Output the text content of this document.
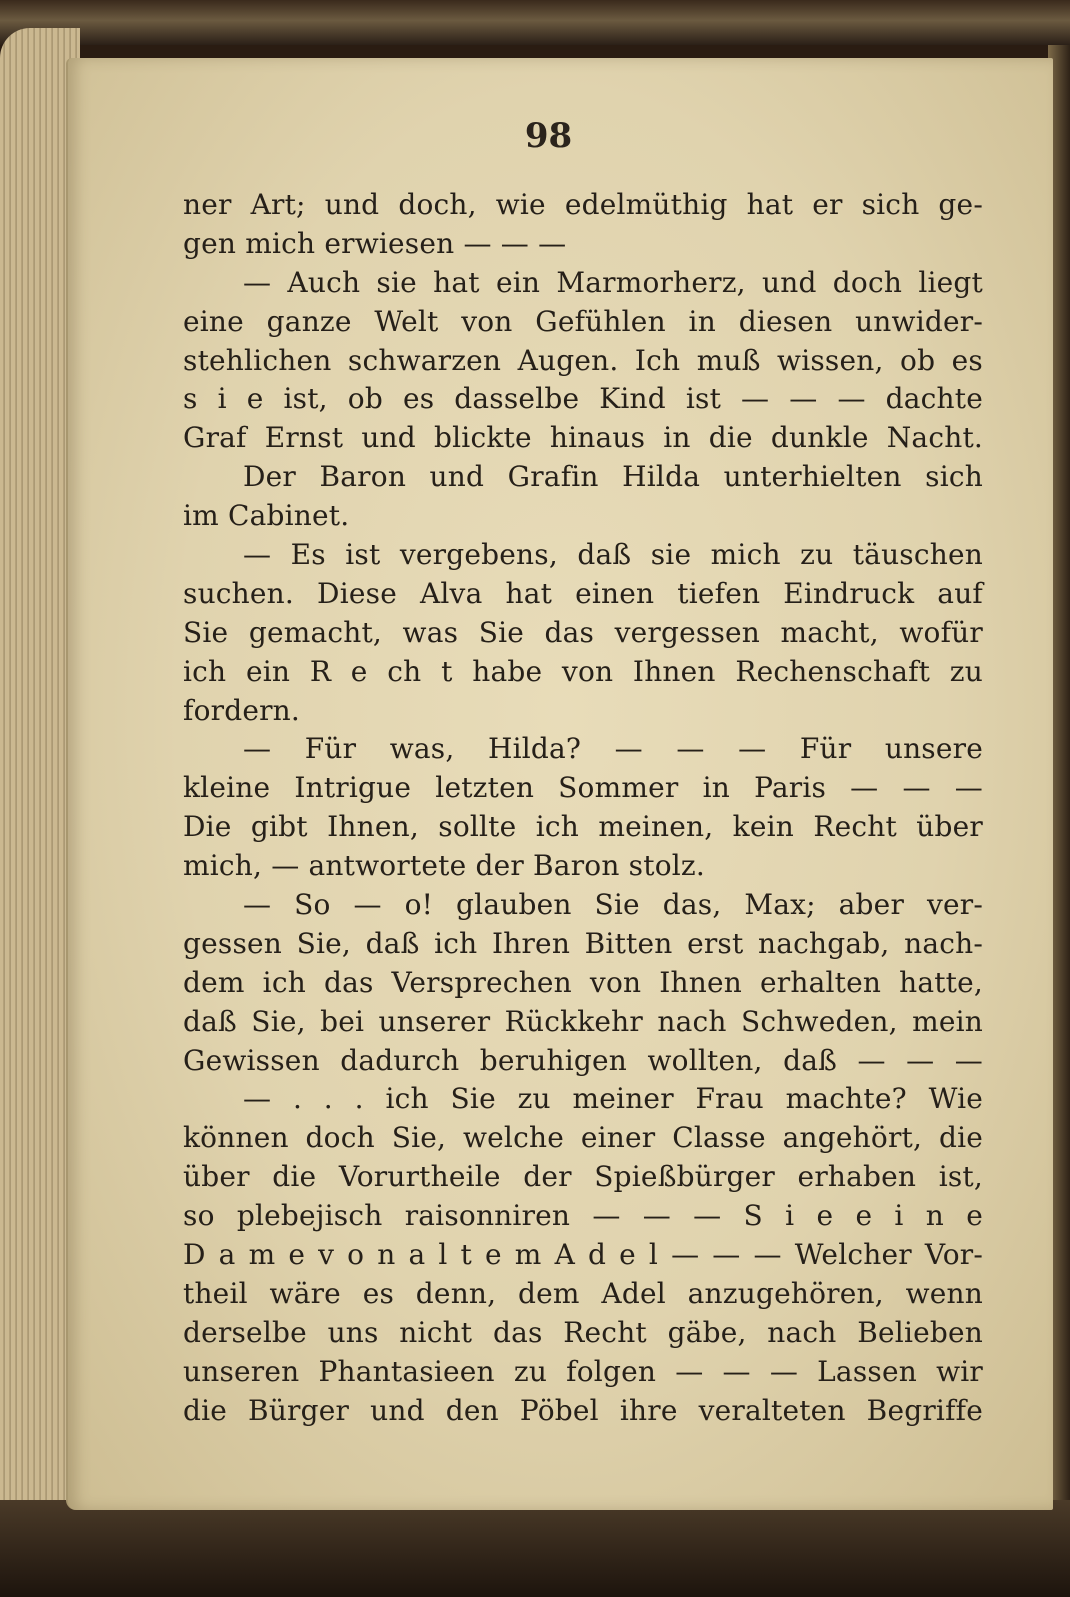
98
ner Art; und doch, wie edelmüthig hat er sich ge-
gen mich erwiesen — — —
— Auch sie hat ein Marmorherz, und doch liegt
eine ganze Welt von Gefühlen in diesen unwider-
stehlichen schwarzen Augen. Ich muß wissen, ob es
s i e ist, ob es dasselbe Kind ist — — — dachte
Graf Ernst und blickte hinaus in die dunkle Nacht.
Der Baron und Grafin Hilda unterhielten sich
im Cabinet.
— Es ist vergebens, daß sie mich zu täuschen
suchen. Diese Alva hat einen tiefen Eindruck auf
Sie gemacht, was Sie das vergessen macht, wofür
ich ein R e ch t habe von Ihnen Rechenschaft zu
fordern.
— Für was, Hilda? — — — Für unsere
kleine Intrigue letzten Sommer in Paris — — —
Die gibt Ihnen, sollte ich meinen, kein Recht über
mich, — antwortete der Baron stolz.
— So — o! glauben Sie das, Max; aber ver-
gessen Sie, daß ich Ihren Bitten erst nachgab, nach-
dem ich das Versprechen von Ihnen erhalten hatte,
daß Sie, bei unserer Rückkehr nach Schweden, mein
Gewissen dadurch beruhigen wollten, daß — — —
— . . . ich Sie zu meiner Frau machte? Wie
können doch Sie, welche einer Classe angehört, die
über die Vorurtheile der Spießbürger erhaben ist,
so plebejisch raisonniren — — — S i e e i n e
D a m e v o n a l t e m A d e l — — — Welcher Vor-
theil wäre es denn, dem Adel anzugehören, wenn
derselbe uns nicht das Recht gäbe, nach Belieben
unseren Phantasieen zu folgen — — — Lassen wir
die Bürger und den Pöbel ihre veralteten Begriffe
